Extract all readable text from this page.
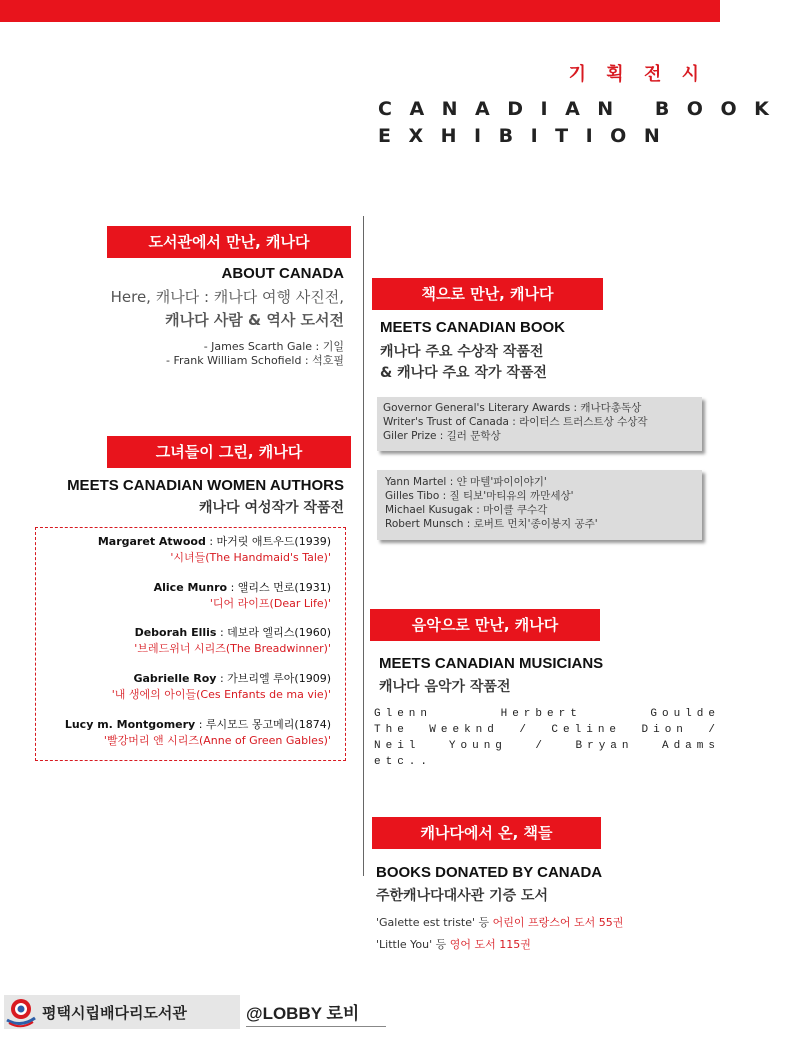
기 획 전 시
CANADIAN BOOK
EXHIBITION
도서관에서 만난, 캐나다
ABOUT CANADA
Here, 캐나다 : 캐나다 여행 사진전,
캐나다 사람 & 역사 도서전
- James Scarth Gale : 기일
- Frank William Schofield : 석호필
그녀들이 그린, 캐나다
MEETS CANADIAN WOMEN AUTHORS
캐나다 여성작가 작품전
Margaret Atwood : 마거릿 애트우드(1939)
'시녀들(The Handmaid's Tale)'
Alice Munro : 앨리스 먼로(1931)
'디어 라이프(Dear Life)'
Deborah Ellis : 데보라 엘리스(1960)
'브레드위너 시리즈(The Breadwinner)'
Gabrielle Roy : 가브리엘 루아(1909)
'내 생에의 아이들(Ces Enfants de ma vie)'
Lucy m. Montgomery : 루시모드 몽고메리(1874)
'빨강머리 앤 시리즈(Anne of Green Gables)'
책으로 만난, 캐나다
MEETS CANADIAN BOOK
캐나다 주요 수상작 작품전
& 캐나다 주요 작가 작품전
Governor General's Literary Awards : 캐나다총독상
Writer's Trust of Canada : 라이터스 트러스트상 수상작
Giler Prize : 길러 문학상
Yann Martel : 얀 마텔'파이이야기'
Gilles Tibo : 질 티보'마티유의 까만세상'
Michael Kusugak : 마이클 쿠수각
Robert Munsch : 로버트 먼치'종이봉지 공주'
음악으로 만난, 캐나다
MEETS CANADIAN MUSICIANS
캐나다 음악가 작품전
Glenn Herbert Goulde
The Weeknd / Celine Dion /
Neil Young / Bryan Adams etc..
캐나다에서 온, 책들
BOOKS DONATED BY CANADA
주한캐나다대사관 기증 도서
'Galette est triste' 등 어린이 프랑스어 도서 55권
'Little You' 등 영어 도서 115권
평택시립배다리도서관	@LOBBY 로비
